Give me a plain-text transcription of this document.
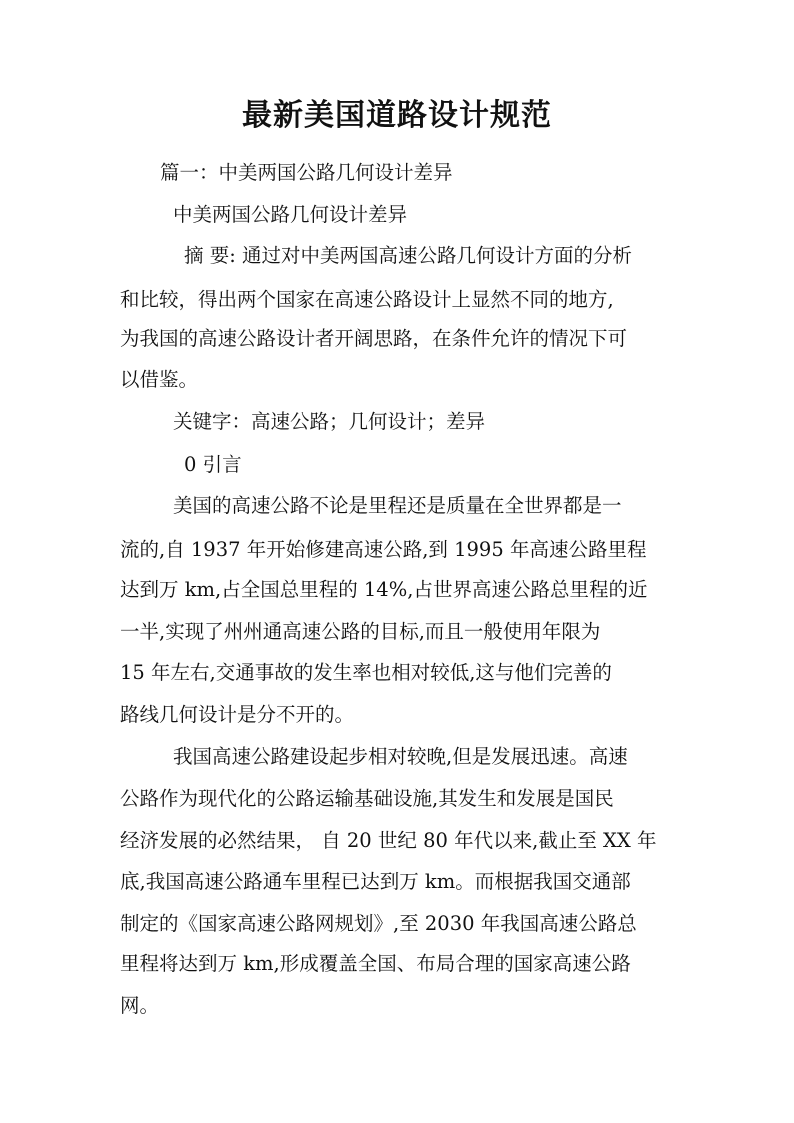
最新美国道路设计规范
篇一：中美两国公路几何设计差异
中美两国公路几何设计差异
摘 要: 通过对中美两国高速公路几何设计方面的分析
和比较，得出两个国家在高速公路设计上显然不同的地方,
为我国的高速公路设计者开阔思路，在条件允许的情况下可
以借鉴。
关键字：高速公路；几何设计；差异
0 引言
美国的高速公路不论是里程还是质量在全世界都是一
流的,自 1937 年开始修建高速公路,到 1995 年高速公路里程
达到万 km,占全国总里程的 14%,占世界高速公路总里程的近
一半,实现了州州通高速公路的目标,而且一般使用年限为
15 年左右,交通事故的发生率也相对较低,这与他们完善的
路线几何设计是分不开的。
我国高速公路建设起步相对较晚,但是发展迅速。高速
公路作为现代化的公路运输基础设施,其发生和发展是国民
经济发展的必然结果， 自 20 世纪 80 年代以来,截止至 XX 年
底,我国高速公路通车里程已达到万 km。而根据我国交通部
制定的《国家高速公路网规划》,至 2030 年我国高速公路总
里程将达到万 km,形成覆盖全国、布局合理的国家高速公路
网。
